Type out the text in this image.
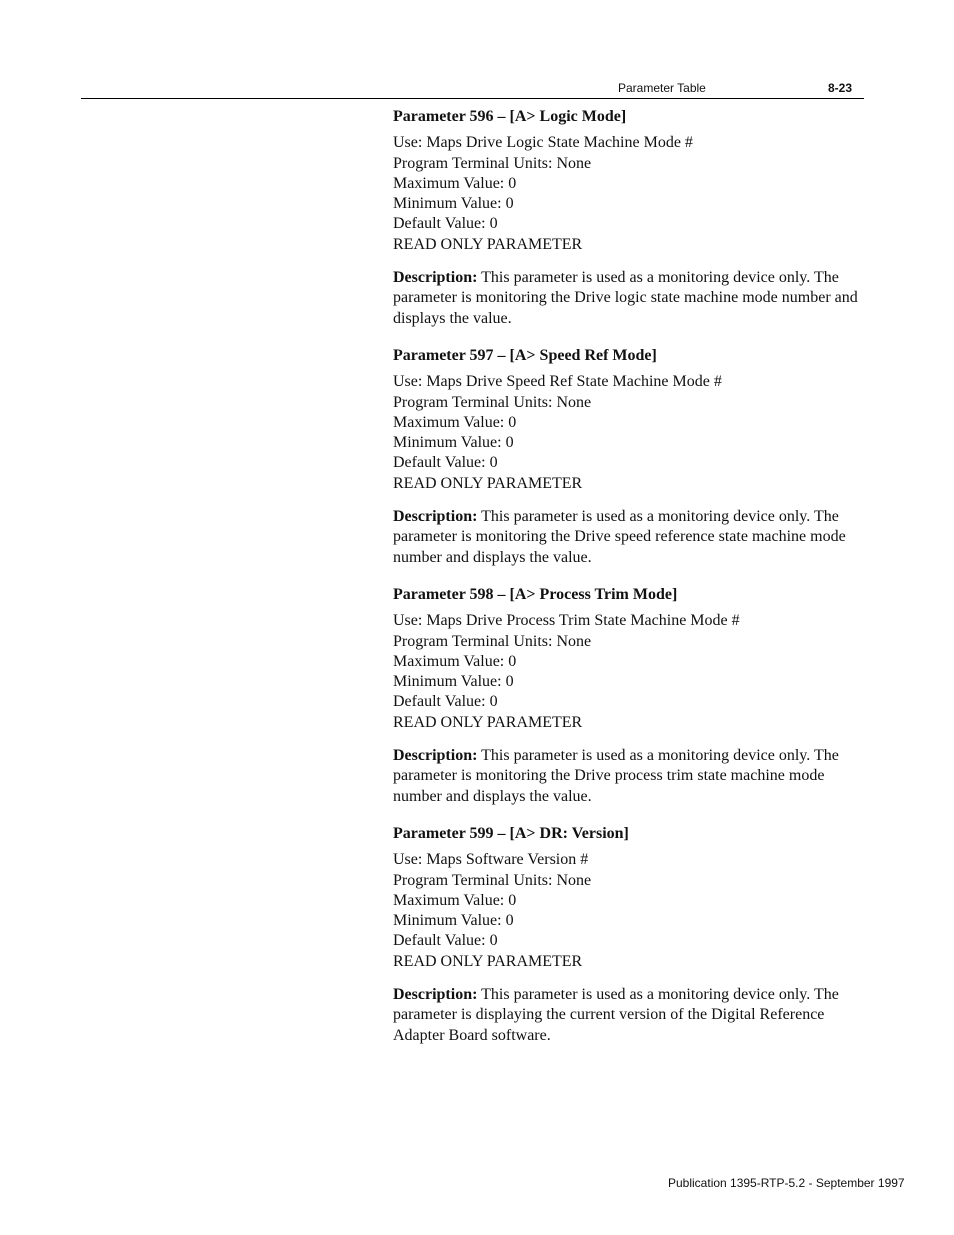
Parameter Table	8-23
Parameter 596 – [A> Logic Mode]
Use: Maps Drive Logic State Machine Mode #
Program Terminal Units: None
Maximum Value: 0
Minimum Value: 0
Default Value: 0
READ ONLY PARAMETER
Description: This parameter is used as a monitoring device only. The parameter is monitoring the Drive logic state machine mode number and displays the value.
Parameter 597 – [A> Speed Ref Mode]
Use: Maps Drive Speed Ref State Machine Mode #
Program Terminal Units: None
Maximum Value: 0
Minimum Value: 0
Default Value: 0
READ ONLY PARAMETER
Description: This parameter is used as a monitoring device only. The parameter is monitoring the Drive speed reference state machine mode number and displays the value.
Parameter 598 – [A> Process Trim Mode]
Use: Maps Drive Process Trim State Machine Mode #
Program Terminal Units: None
Maximum Value: 0
Minimum Value: 0
Default Value: 0
READ ONLY PARAMETER
Description: This parameter is used as a monitoring device only. The parameter is monitoring the Drive process trim state machine mode number and displays the value.
Parameter 599 – [A> DR: Version]
Use: Maps Software Version #
Program Terminal Units: None
Maximum Value: 0
Minimum Value: 0
Default Value: 0
READ ONLY PARAMETER
Description: This parameter is used as a monitoring device only. The parameter is displaying the current version of the Digital Reference Adapter Board software.
Publication 1395-RTP-5.2 - September 1997
